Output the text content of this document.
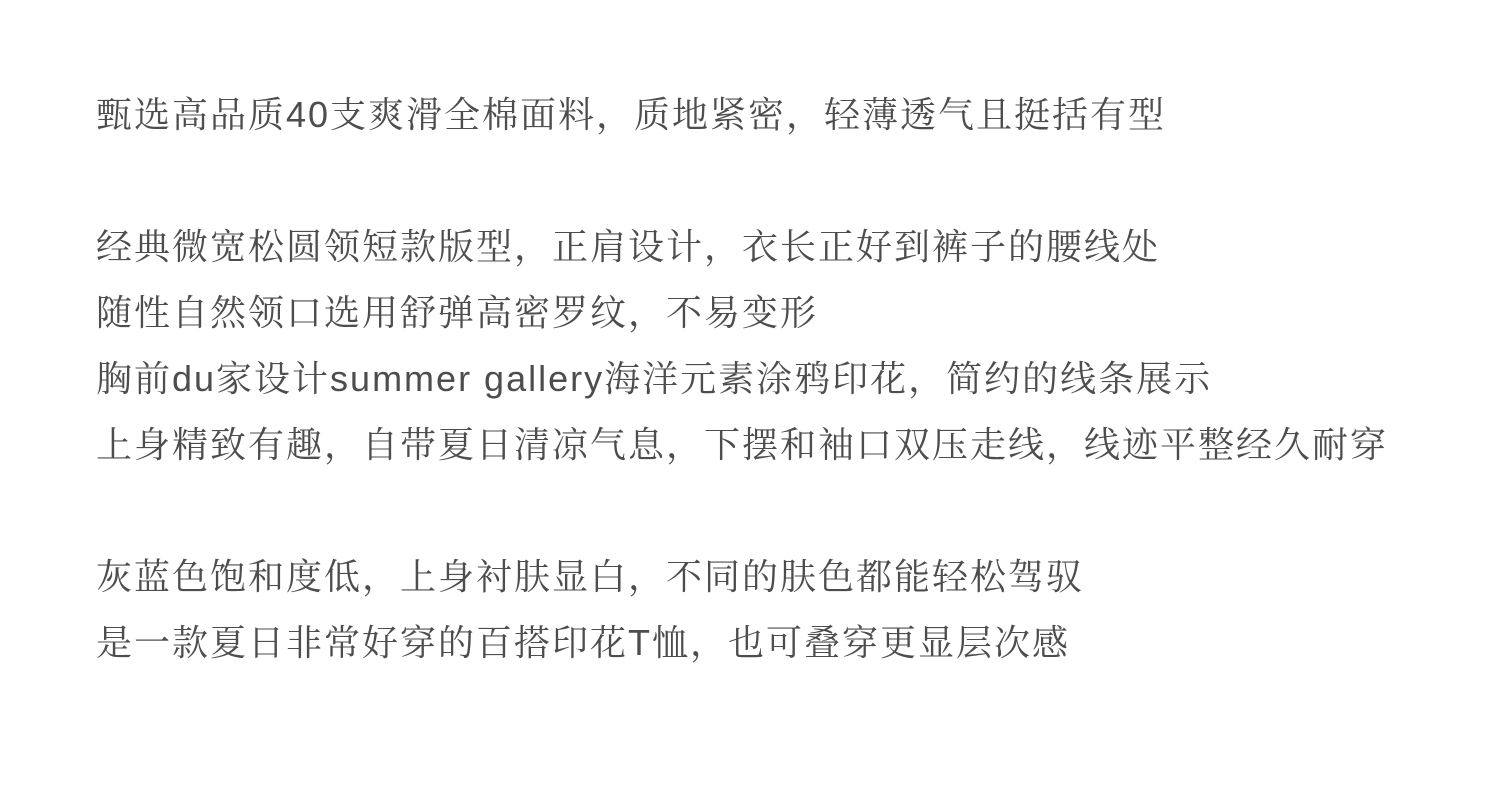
甄选高品质40支爽滑全棉面料，质地紧密，轻薄透气且挺括有型
经典微宽松圆领短款版型，正肩设计，衣长正好到裤子的腰线处
随性自然领口选用舒弹高密罗纹，不易变形
胸前du家设计summer gallery海洋元素涂鸦印花，简约的线条展示
上身精致有趣，自带夏日清凉气息，下摆和袖口双压走线，线迹平整经久耐穿
灰蓝色饱和度低，上身衬肤显白，不同的肤色都能轻松驾驭
是一款夏日非常好穿的百搭印花T恤，也可叠穿更显层次感
